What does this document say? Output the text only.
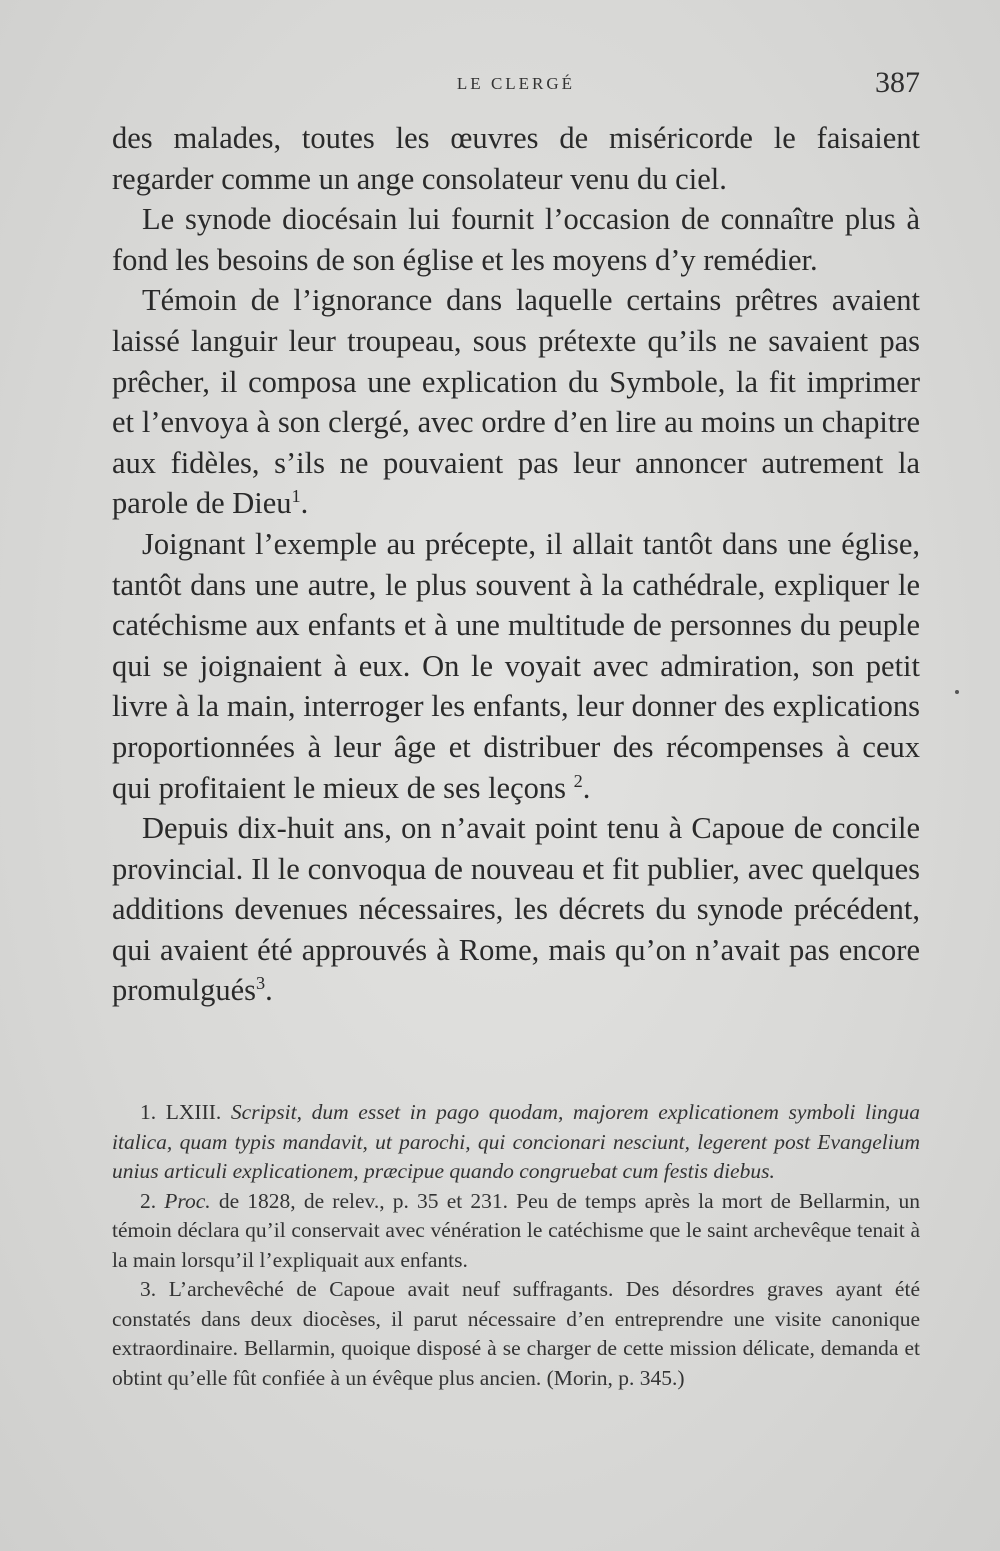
LE CLERGÉ	387

des malades, toutes les œuvres de miséricorde le faisaient regarder comme un ange consolateur venu du ciel.

Le synode diocésain lui fournit l’occasion de connaître plus à fond les besoins de son église et les moyens d’y remédier.

Témoin de l’ignorance dans laquelle certains prêtres avaient laissé languir leur troupeau, sous prétexte qu’ils ne savaient pas prêcher, il composa une explication du Symbole, la fit imprimer et l’envoya à son clergé, avec ordre d’en lire au moins un chapitre aux fidèles, s’ils ne pouvaient pas leur annoncer autrement la parole de Dieu$^1$.

Joignant l’exemple au précepte, il allait tantôt dans une église, tantôt dans une autre, le plus souvent à la cathédrale, expliquer le catéchisme aux enfants et à une multitude de personnes du peuple qui se joignaient à eux. On le voyait avec admiration, son petit livre à la main, interroger les enfants, leur donner des explications proportionnées à leur âge et distribuer des récompenses à ceux qui profitaient le mieux de ses leçons $^2$.

Depuis dix-huit ans, on n’avait point tenu à Capoue de concile provincial. Il le convoqua de nouveau et fit publier, avec quelques additions devenues nécessaires, les décrets du synode précédent, qui avaient été approuvés à Rome, mais qu’on n’avait pas encore promulgués$^3$.

1. LXIII. Scripsit, dum esset in pago quodam, majorem explicationem symboli lingua italica, quam typis mandavit, ut parochi, qui concionari nesciunt, legerent post Evangelium unius articuli explicationem, præcipue quando congruebat cum festis diebus.

2. Proc. de 1828, de relev., p. 35 et 231. Peu de temps après la mort de Bellarmin, un témoin déclara qu’il conservait avec vénération le catéchisme que le saint archevêque tenait à la main lorsqu’il l’expliquait aux enfants.

3. L’archevêché de Capoue avait neuf suffragants. Des désordres graves ayant été constatés dans deux diocèses, il parut nécessaire d’en entreprendre une visite canonique extraordinaire. Bellarmin, quoique disposé à se charger de cette mission délicate, demanda et obtint qu’elle fût confiée à un évêque plus ancien. (Morin, p. 345.)
